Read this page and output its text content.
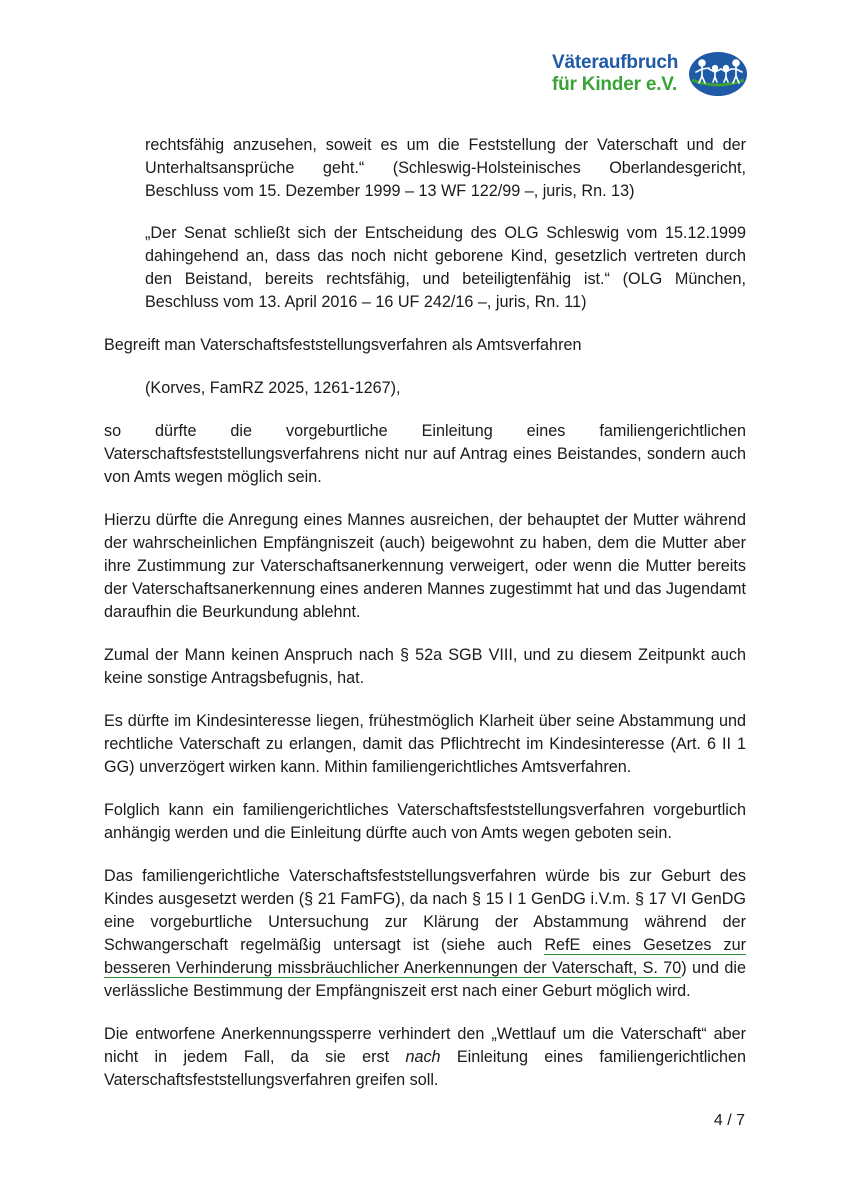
Väteraufbruch
für Kinder e.V.

rechtsfähig anzusehen, soweit es um die Feststellung der Vaterschaft und der Unterhaltsansprüche geht.“ (Schleswig-Holsteinisches Oberlandesgericht, Beschluss vom 15. Dezember 1999 – 13 WF 122/99 –, juris, Rn. 13)

„Der Senat schließt sich der Entscheidung des OLG Schleswig vom 15.12.1999 dahingehend an, dass das noch nicht geborene Kind, gesetzlich vertreten durch den Beistand, bereits rechtsfähig, und beteiligtenfähig ist.“ (OLG München, Beschluss vom 13. April 2016 – 16 UF 242/16 –, juris, Rn. 11)

Begreift man Vaterschaftsfeststellungsverfahren als Amtsverfahren

(Korves, FamRZ 2025, 1261-1267),

so dürfte die vorgeburtliche Einleitung eines familiengerichtlichen Vaterschaftsfeststellungsverfahrens nicht nur auf Antrag eines Beistandes, sondern auch von Amts wegen möglich sein.

Hierzu dürfte die Anregung eines Mannes ausreichen, der behauptet der Mutter während der wahrscheinlichen Empfängniszeit (auch) beigewohnt zu haben, dem die Mutter aber ihre Zustimmung zur Vaterschaftsanerkennung verweigert, oder wenn die Mutter bereits der Vaterschaftsanerkennung eines anderen Mannes zugestimmt hat und das Jugendamt daraufhin die Beurkundung ablehnt.

Zumal der Mann keinen Anspruch nach § 52a SGB VIII, und zu diesem Zeitpunkt auch keine sonstige Antragsbefugnis, hat.

Es dürfte im Kindesinteresse liegen, frühestmöglich Klarheit über seine Abstammung und rechtliche Vaterschaft zu erlangen, damit das Pflichtrecht im Kindesinteresse (Art. 6 II 1 GG) unverzögert wirken kann. Mithin familiengerichtliches Amtsverfahren.

Folglich kann ein familiengerichtliches Vaterschaftsfeststellungsverfahren vorgeburtlich anhängig werden und die Einleitung dürfte auch von Amts wegen geboten sein.

Das familiengerichtliche Vaterschaftsfeststellungsverfahren würde bis zur Geburt des Kindes ausgesetzt werden (§ 21 FamFG), da nach § 15 I 1 GenDG i.V.m. § 17 VI GenDG eine vorgeburtliche Untersuchung zur Klärung der Abstammung während der Schwangerschaft regelmäßig untersagt ist (siehe auch RefE eines Gesetzes zur besseren Verhinderung missbräuchlicher Anerkennungen der Vaterschaft, S. 70) und die verlässliche Bestimmung der Empfängniszeit erst nach einer Geburt möglich wird.

Die entworfene Anerkennungssperre verhindert den „Wettlauf um die Vaterschaft“ aber nicht in jedem Fall, da sie erst nach Einleitung eines familiengerichtlichen Vaterschaftsfeststellungsverfahren greifen soll.

4 / 7
